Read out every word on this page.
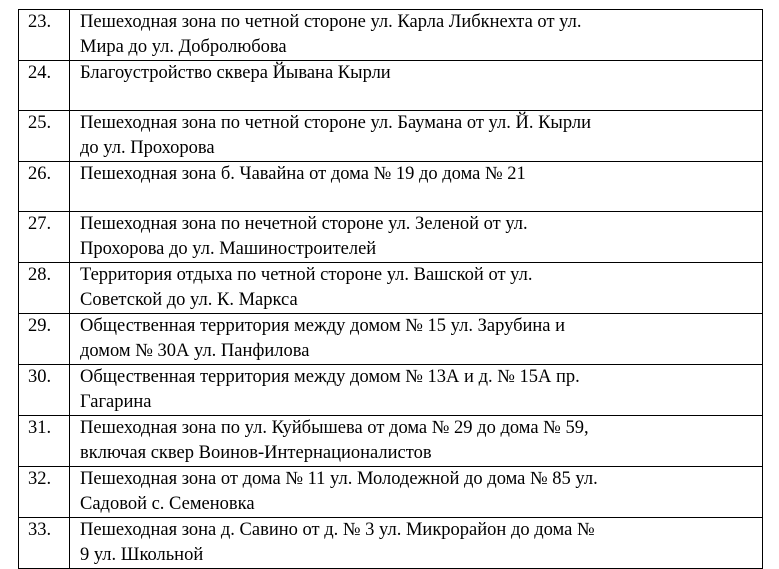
23.	Пешеходная зона по четной стороне ул. Карла Либкнехта от ул.
Мира до ул. Добролюбова

24.	Благоустройство сквера Йывана Кырли

25.	Пешеходная зона по четной стороне ул. Баумана от ул. Й. Кырли
до ул. Прохорова

26.	Пешеходная зона б. Чавайна от дома № 19 до дома № 21

27.	Пешеходная зона по нечетной стороне ул. Зеленой от ул.
Прохорова до ул. Машиностроителей

28.	Территория отдыха по четной стороне ул. Вашской от ул.
Советской до ул. К. Маркса

29.	Общественная территория между домом № 15 ул. Зарубина и
домом № 30А ул. Панфилова

30.	Общественная территория между домом № 13А и д. № 15А пр.
Гагарина

31.	Пешеходная зона по ул. Куйбышева от дома № 29 до дома № 59,
включая сквер Воинов-Интернационалистов

32.	Пешеходная зона от дома № 11 ул. Молодежной до дома № 85 ул.
Садовой с. Семеновка

33.	Пешеходная зона д. Савино от д. № 3 ул. Микрорайон до дома №
9 ул. Школьной
